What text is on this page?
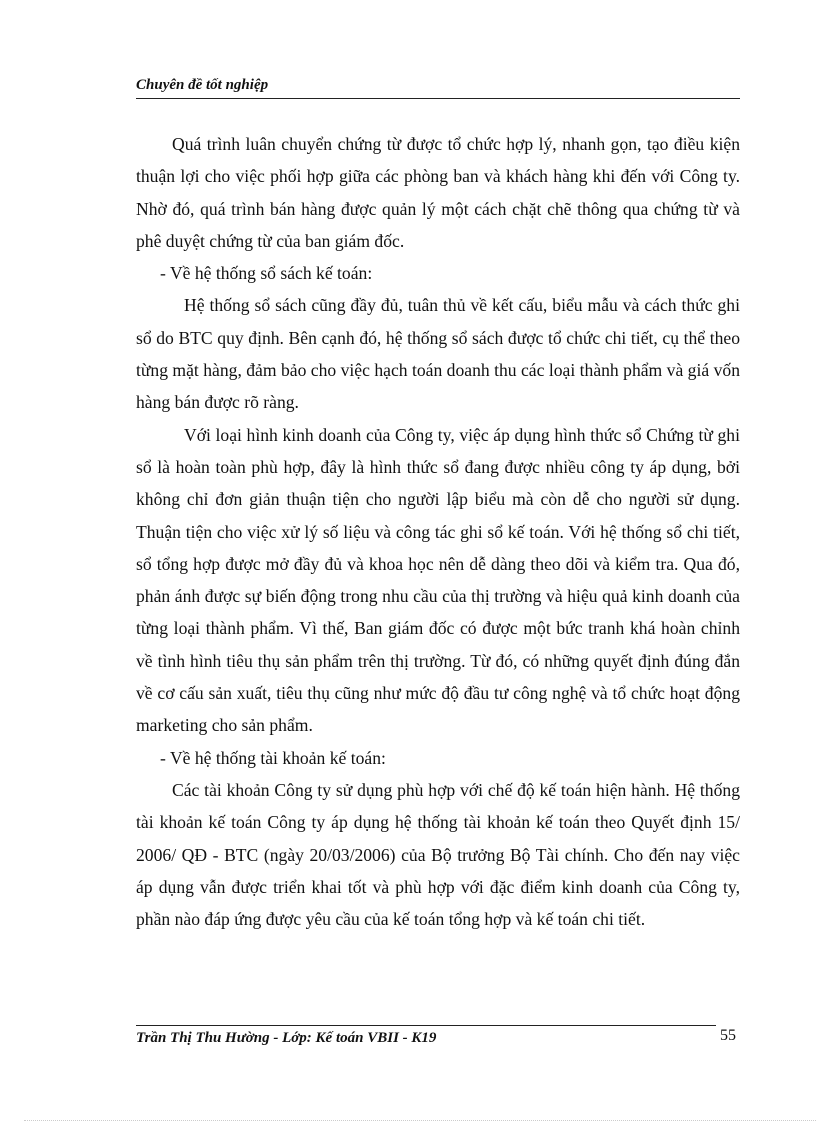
Chuyên đề tốt nghiệp

Quá trình luân chuyển chứng từ được tổ chức hợp lý, nhanh gọn, tạo điều kiện thuận lợi cho việc phối hợp giữa các phòng ban và khách hàng khi đến với Công ty. Nhờ đó, quá trình bán hàng được quản lý một cách chặt chẽ thông qua chứng từ và phê duyệt chứng từ của ban giám đốc.

- Về hệ thống sổ sách kế toán:

Hệ thống sổ sách cũng đầy đủ, tuân thủ về kết cấu, biểu mẫu và cách thức ghi sổ do BTC quy định. Bên cạnh đó, hệ thống sổ sách được tổ chức chi tiết, cụ thể theo từng mặt hàng, đảm bảo cho việc hạch toán doanh thu các loại thành phẩm và giá vốn hàng bán được rõ ràng.

Với loại hình kinh doanh của Công ty, việc áp dụng hình thức sổ Chứng từ ghi sổ là hoàn toàn phù hợp, đây là hình thức sổ đang được nhiều công ty áp dụng, bởi không chỉ đơn giản thuận tiện cho người lập biểu mà còn dễ cho người sử dụng. Thuận tiện cho việc xử lý số liệu và công tác ghi sổ kế toán. Với hệ thống sổ chi tiết, sổ tổng hợp được mở đầy đủ và khoa học nên dễ dàng theo dõi và kiểm tra. Qua đó, phản ánh được sự biến động trong nhu cầu của thị trường và hiệu quả kinh doanh của từng loại thành phẩm. Vì thế, Ban giám đốc có được một bức tranh khá hoàn chỉnh về tình hình tiêu thụ sản phẩm trên thị trường. Từ đó, có những quyết định đúng đắn về cơ cấu sản xuất, tiêu thụ cũng như mức độ đầu tư công nghệ và tổ chức hoạt động marketing cho sản phẩm.

- Về hệ thống tài khoản kế toán:

Các tài khoản Công ty sử dụng phù hợp với chế độ kế toán hiện hành. Hệ thống tài khoản kế toán Công ty áp dụng hệ thống tài khoản kế toán theo Quyết định 15/ 2006/ QĐ - BTC (ngày 20/03/2006) của Bộ trưởng Bộ Tài chính. Cho đến nay việc áp dụng vẫn được triển khai tốt và phù hợp với đặc điểm kinh doanh của Công ty, phần nào đáp ứng được yêu cầu của kế toán tổng hợp và kế toán chi tiết.

Trần Thị Thu Hường - Lớp: Kế toán VBII - K19	55
